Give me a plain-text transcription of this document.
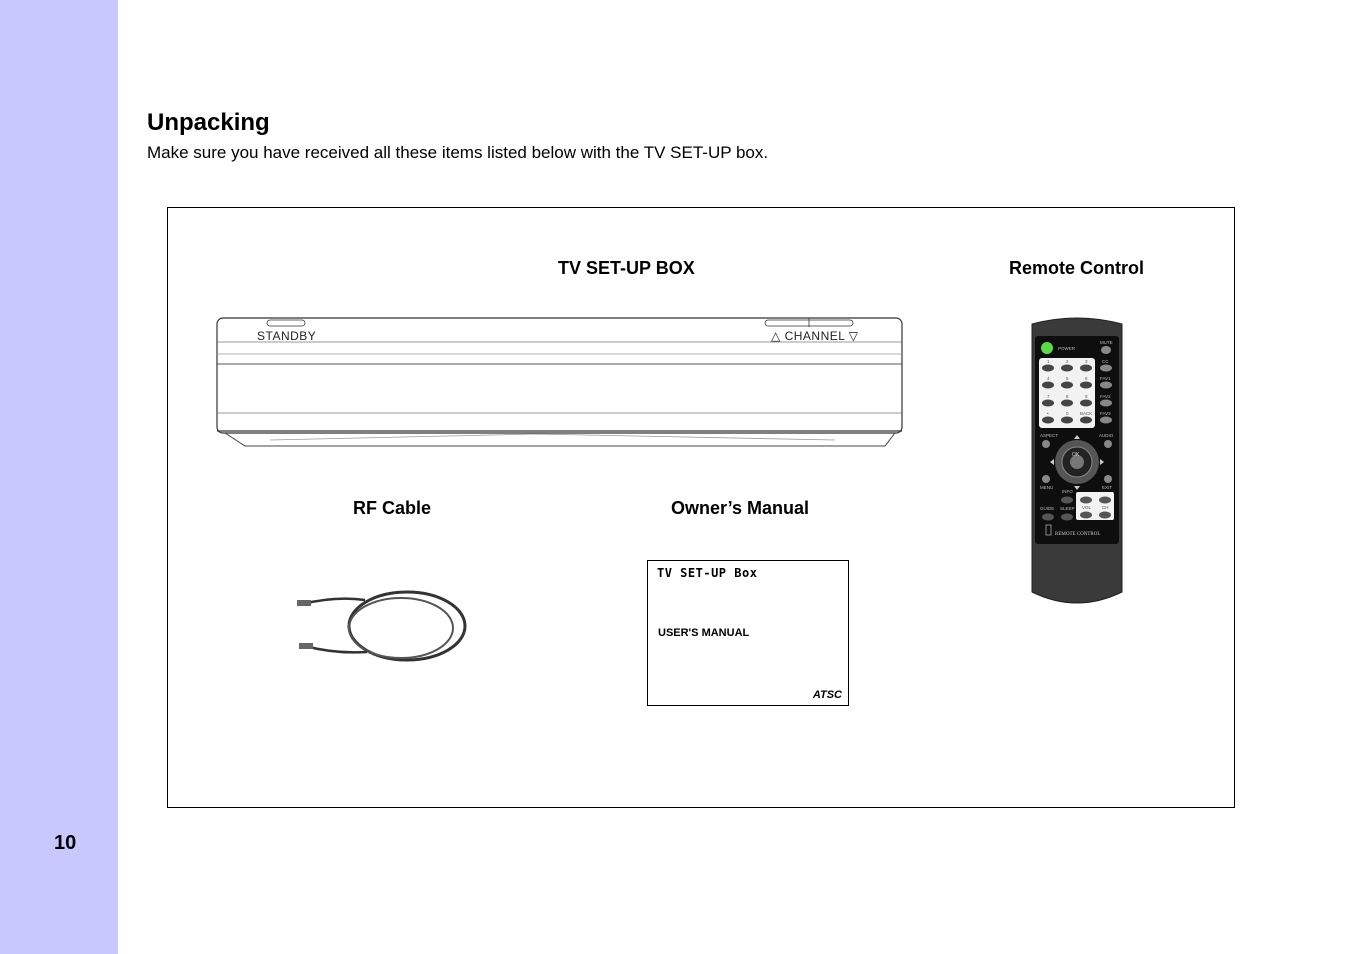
10
Unpacking
Make sure you have received all these items listed below with the TV SET-UP box.
TV SET-UP BOX	Remote Control
RF Cable	Owner’s Manual
STANDBY	△ CHANNEL ▽
POWER
MUTE
1	2	3
4	5	6
7	8	9
•	0	BACK
CC
FAV1
FAV2
FAV3
ASPECT	AUDIO
OK
MENU	EXIT
INFO
GUIDE SLEEP VOL CH
REMOTE CONTROL
TV SET-UP Box
USER'S MANUAL
ATSC
